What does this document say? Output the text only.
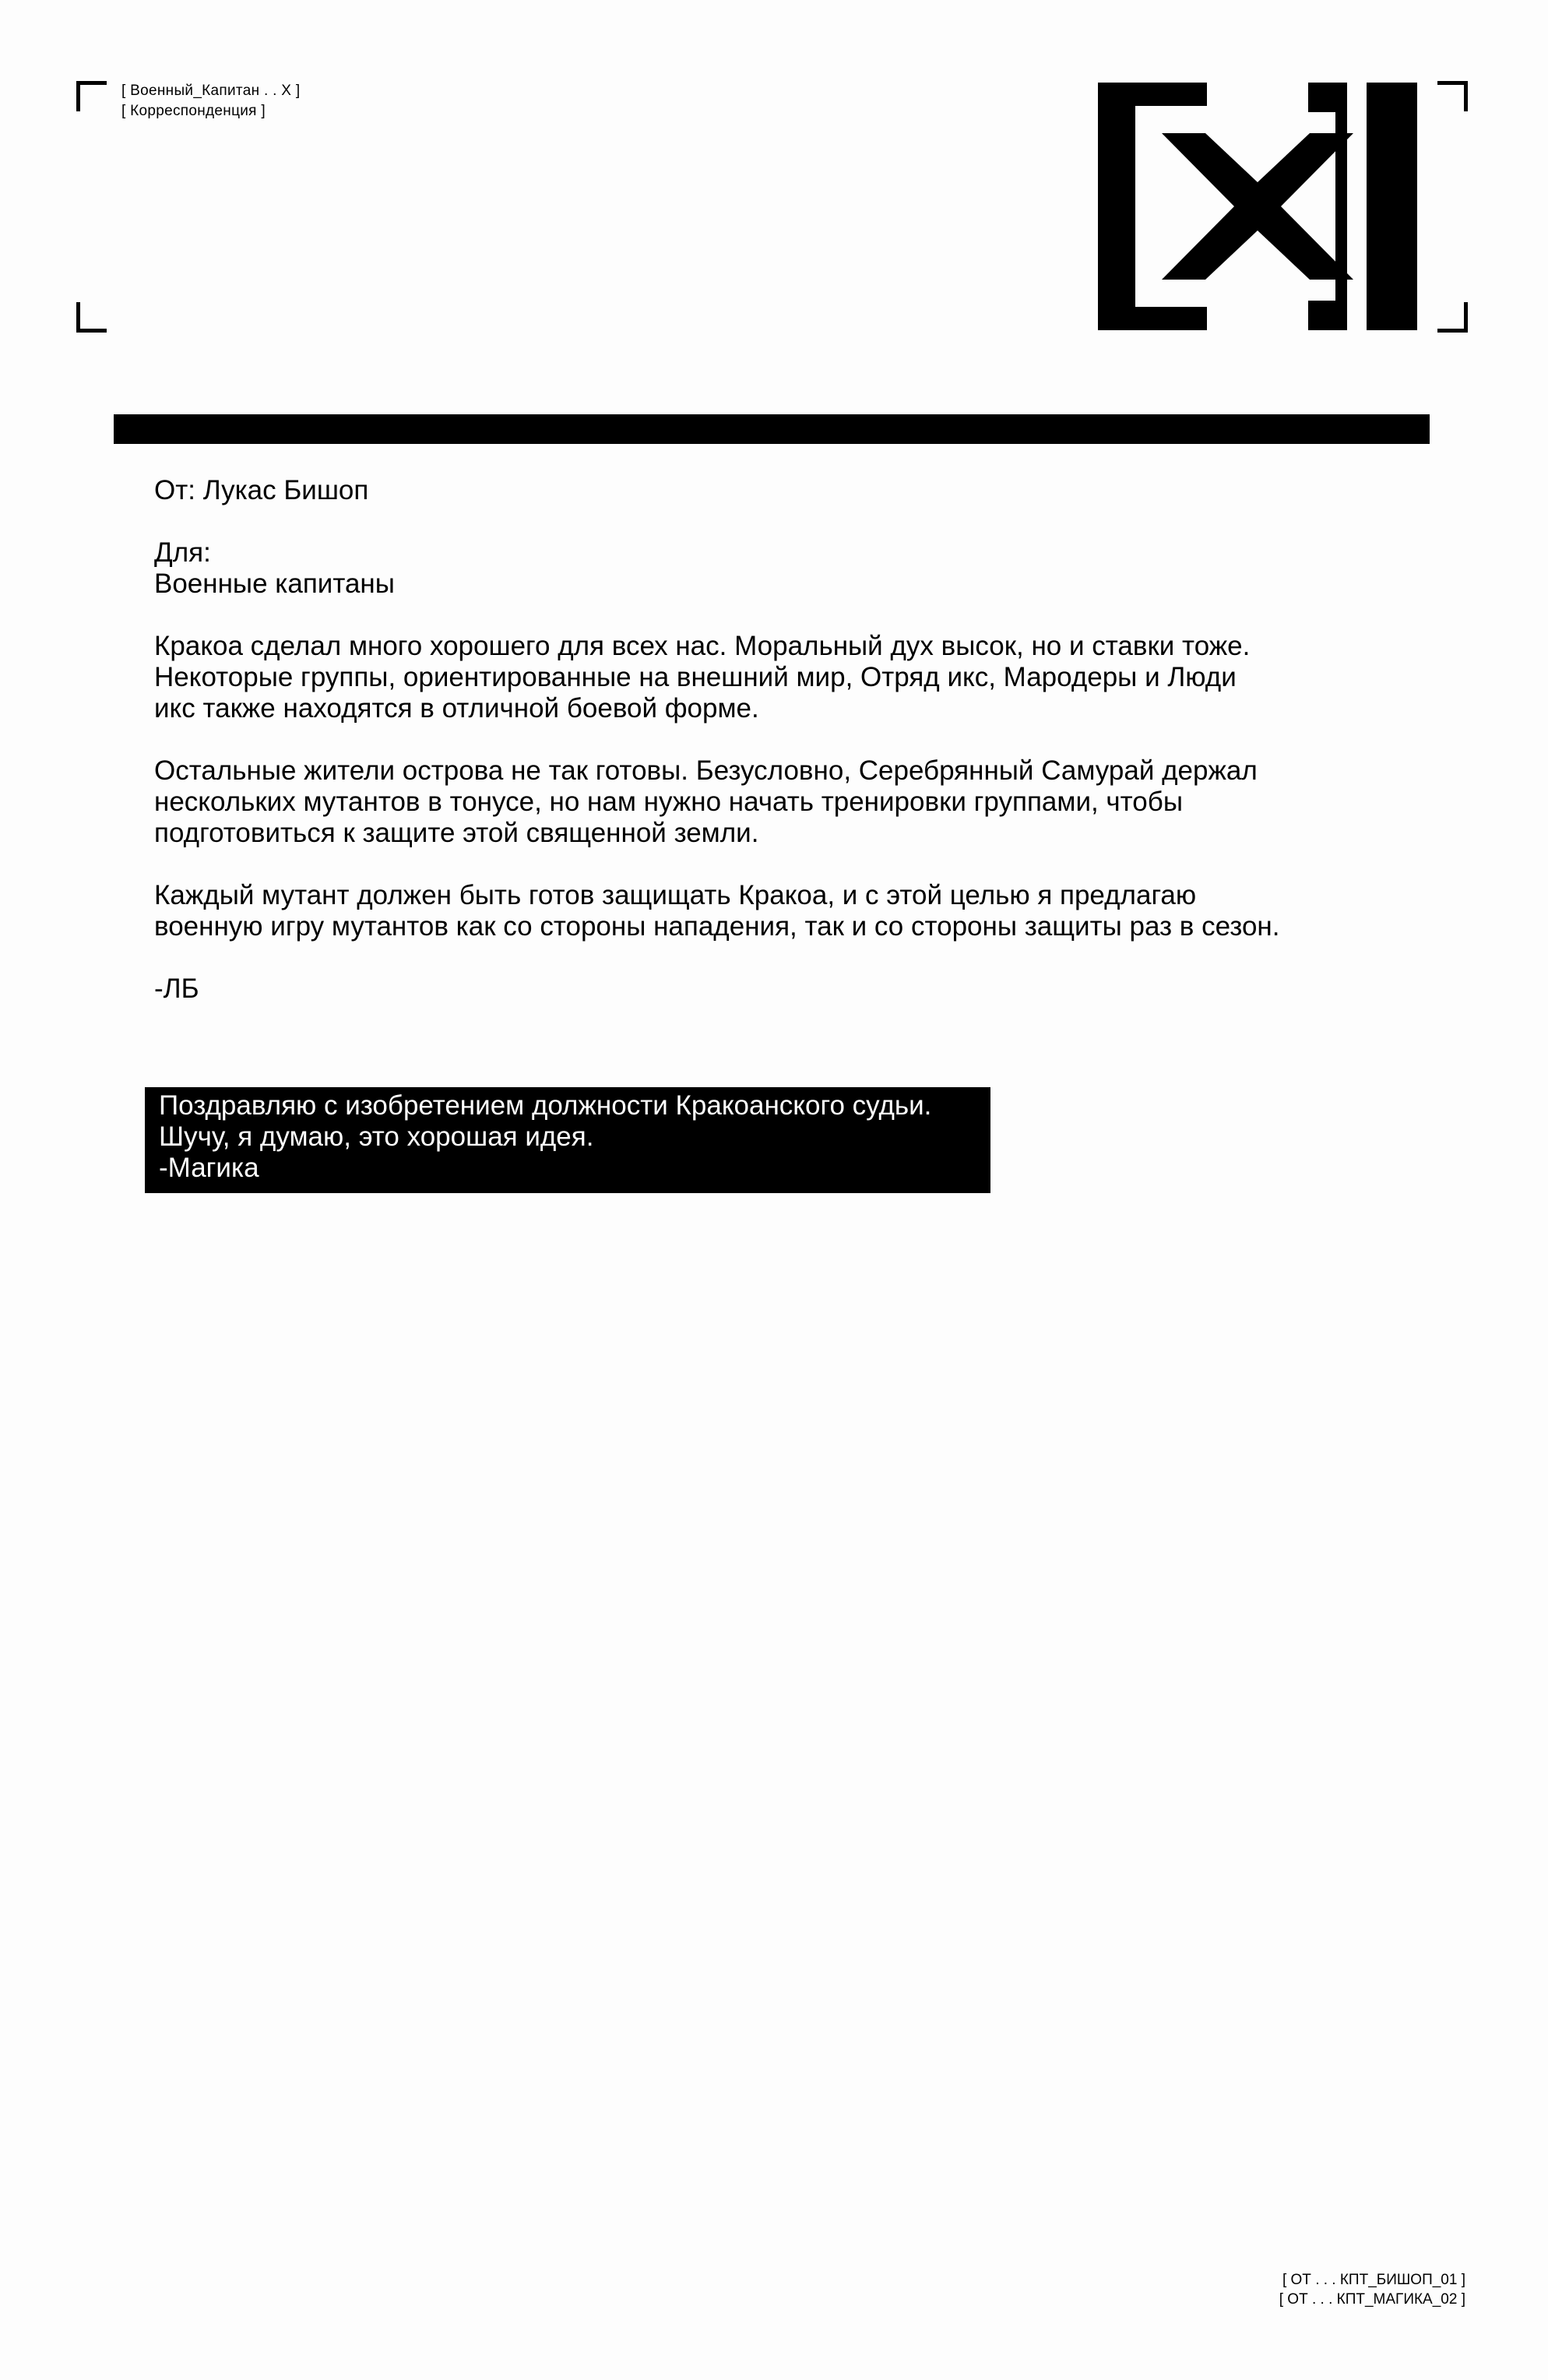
[ Военный_Капитан . . X ]
[ Корреспонденция ]

От: Лукас Бишоп

Для:

Военные капитаны

Кракоа сделал много хорошего для всех нас. Моральный дух высок, но и ставки тоже.

Некоторые группы, ориентированные на внешний мир, Отряд икс, Мародеры и Люди

икс также находятся в отличной боевой форме.

Остальные жители острова не так готовы. Безусловно, Серебрянный Самурай держал

нескольких мутантов в тонусе, но нам нужно начать тренировки группами, чтобы

подготовиться к защите этой священной земли.

Каждый мутант должен быть готов защищать Кракоа, и с этой целью я предлагаю

военную игру мутантов как со стороны нападения, так и со стороны защиты раз в сезон.

-ЛБ

Поздравляю с изобретением должности Кракоанского судьи.
Шучу, я думаю, это хорошая идея.
-Магика
[ ОТ . . . КПТ_БИШОП_01 ]
[ ОТ . . . КПТ_МАГИКА_02 ]
